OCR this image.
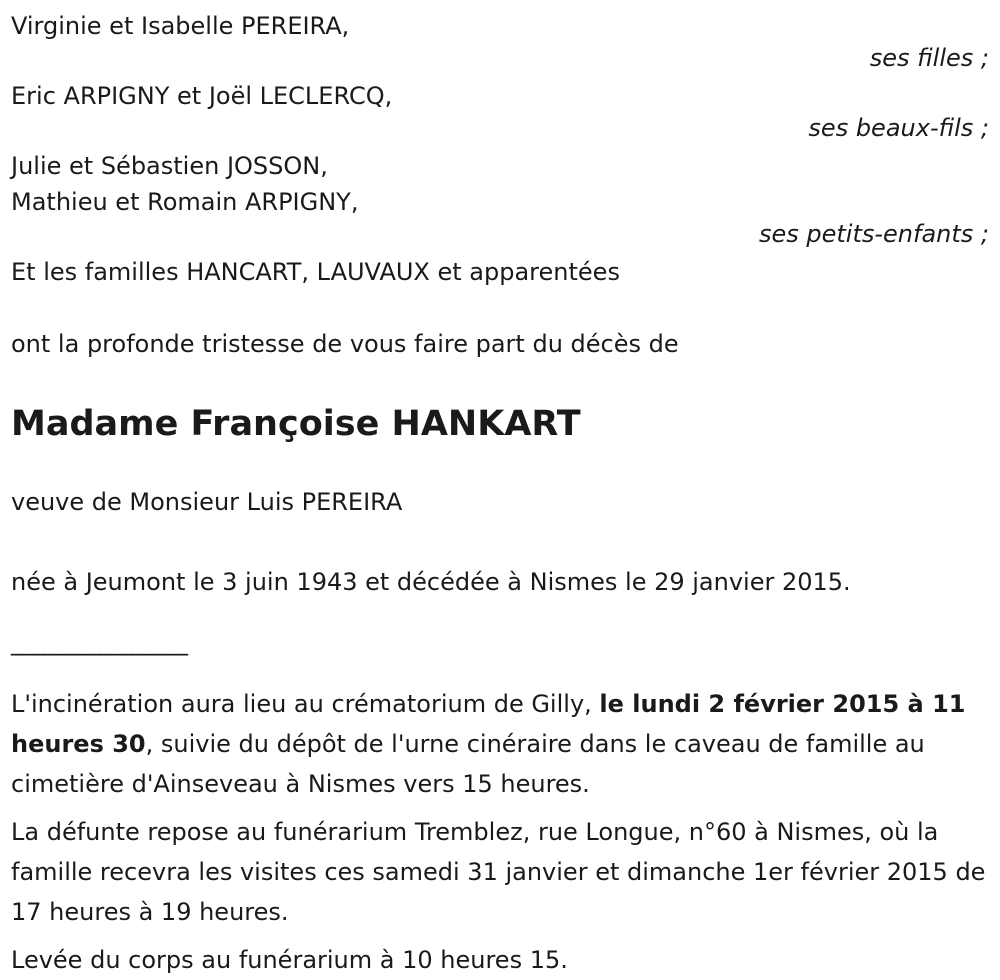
Virginie et Isabelle PEREIRA,

ses filles ;

Eric ARPIGNY et Joël LECLERCQ,

ses beaux-fils ;

Julie et Sébastien JOSSON,

Mathieu et Romain ARPIGNY,

ses petits-enfants ;

Et les familles HANCART, LAUVAUX et apparentées

ont la profonde tristesse de vous faire part du décès de

Madame Françoise HANKART

veuve de Monsieur Luis PEREIRA

née à Jeumont le 3 juin 1943 et décédée à Nismes le 29 janvier 2015.

________________

L'incinération aura lieu au crématorium de Gilly, le lundi 2 février 2015 à 11 heures 30, suivie du dépôt de l'urne cinéraire dans le caveau de famille au cimetière d'Ainseveau à Nismes vers 15 heures.

La défunte repose au funérarium Tremblez, rue Longue, n°60 à Nismes, où la famille recevra les visites ces samedi 31 janvier et dimanche 1er février 2015 de 17 heures à 19 heures.

Levée du corps au funérarium à 10 heures 15.
